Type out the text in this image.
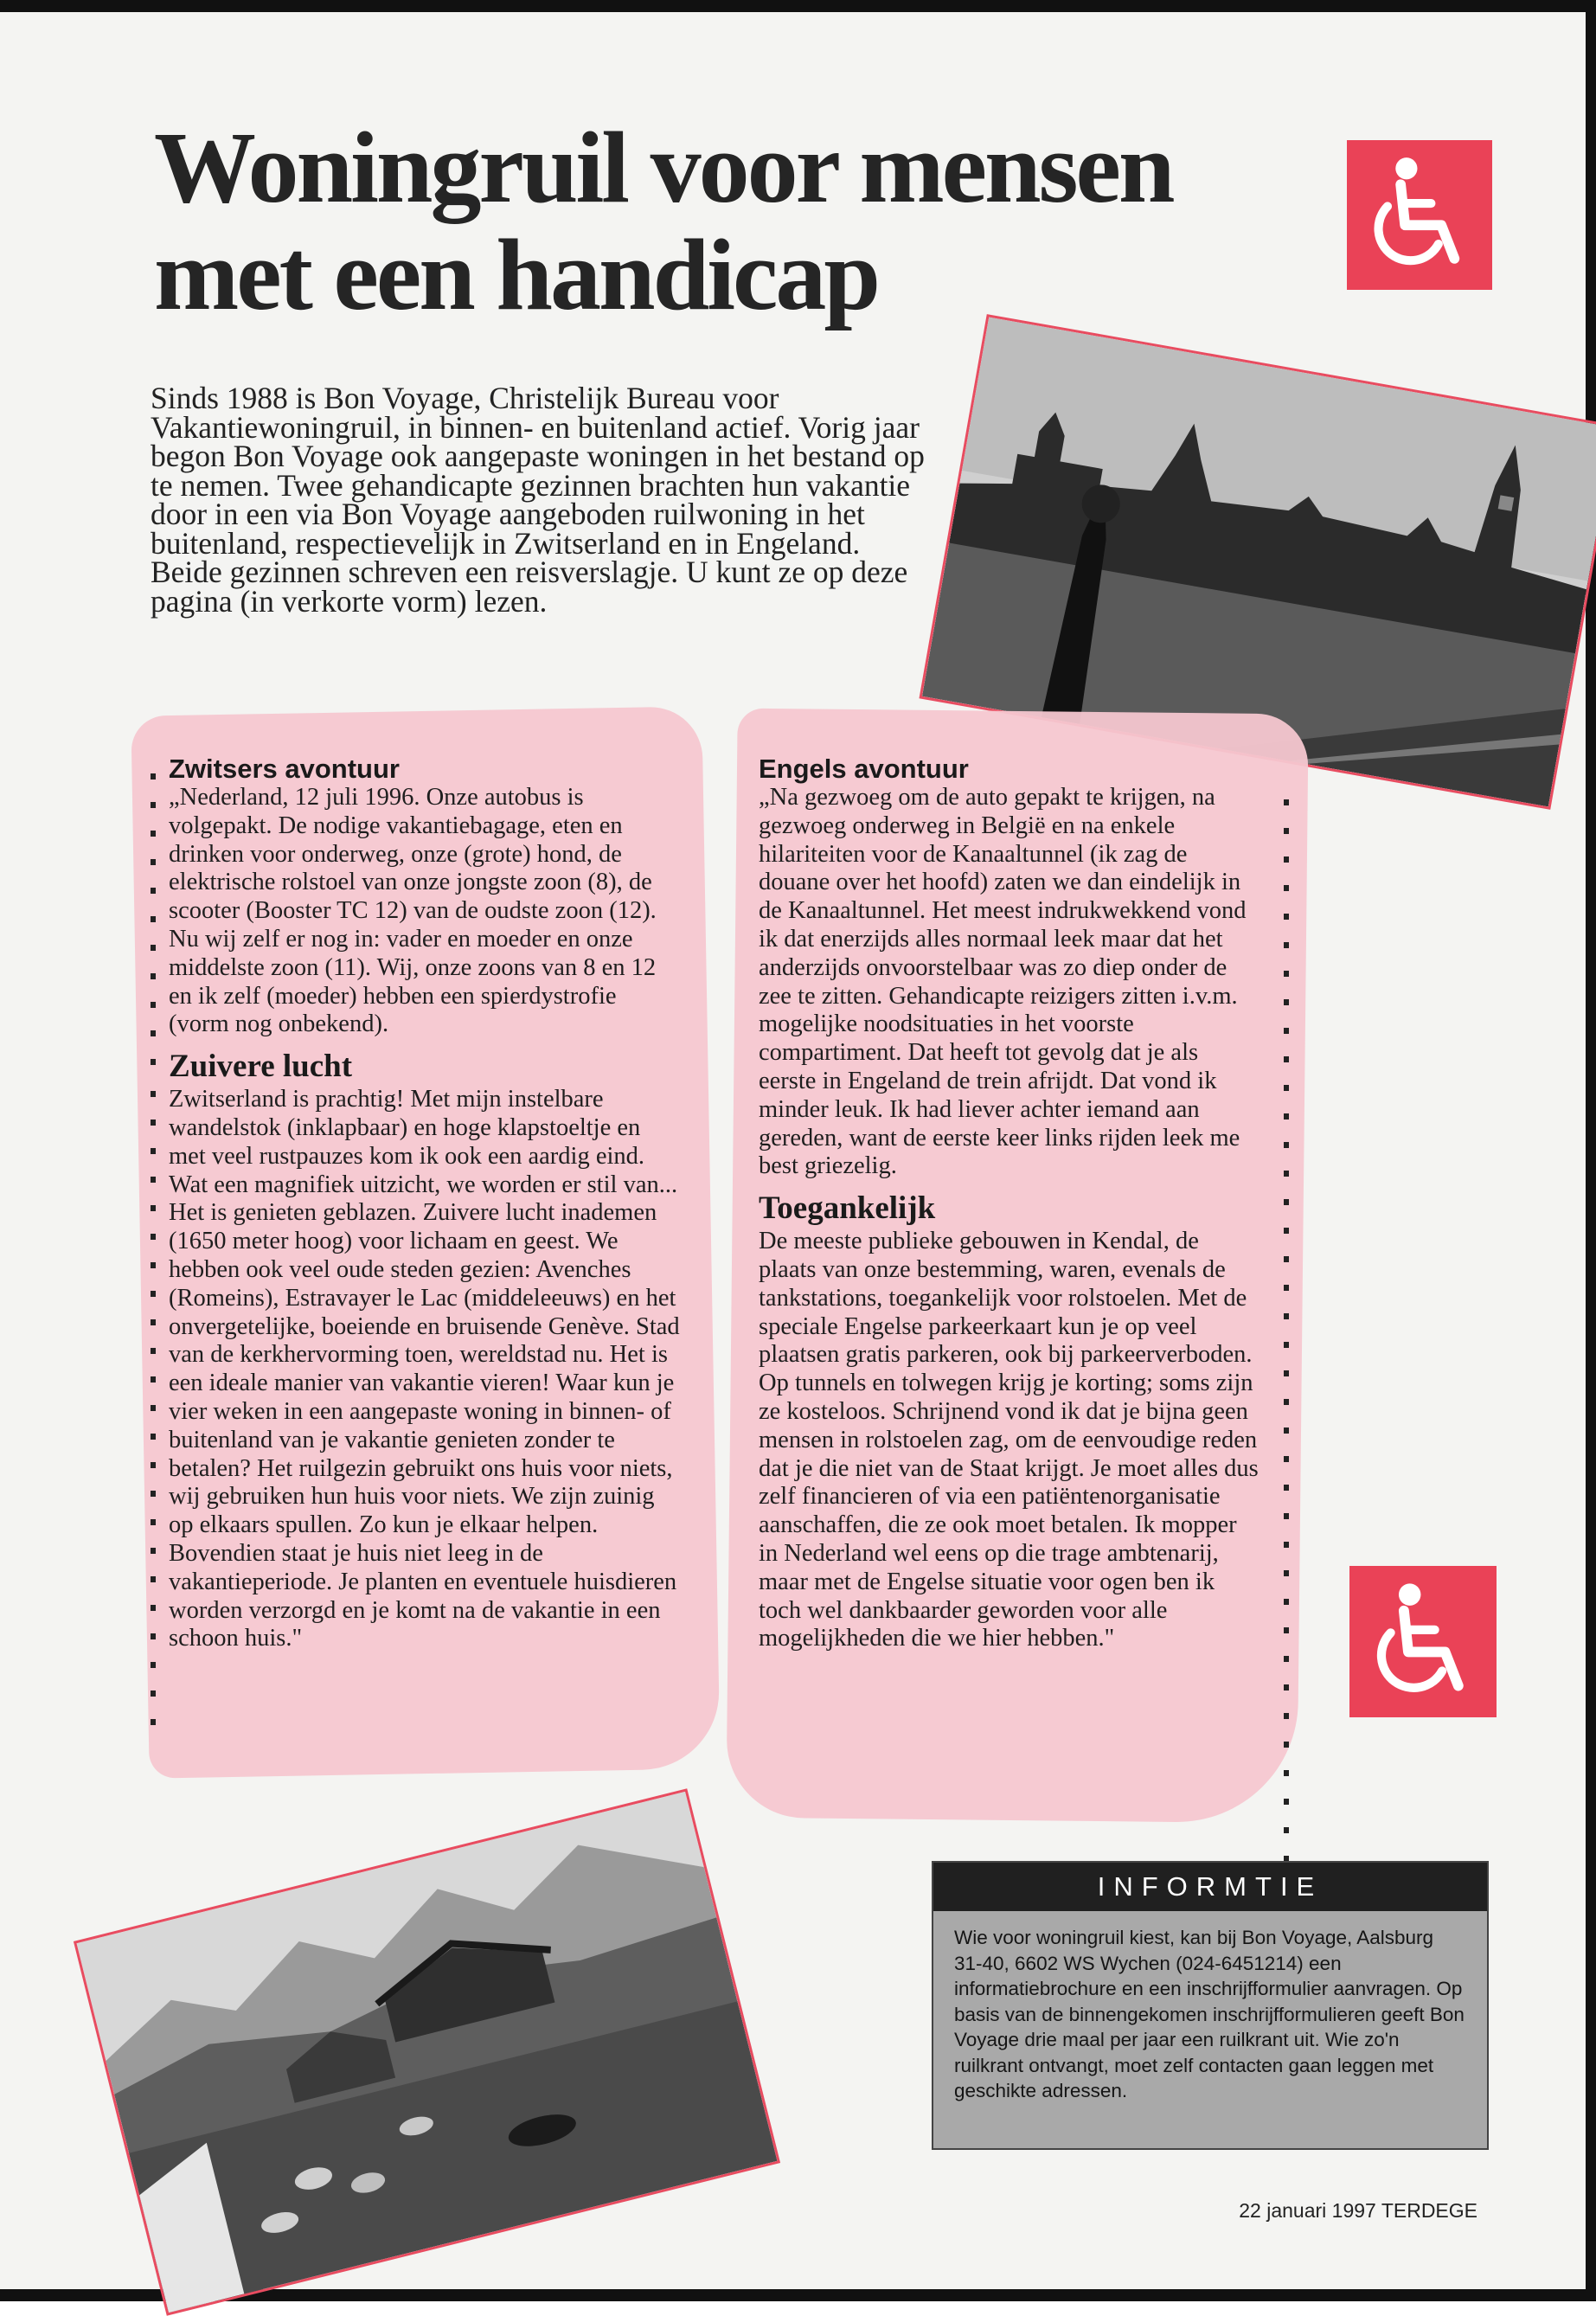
Woningruil voor mensen
met een handicap

Sinds 1988 is Bon Voyage, Christelijk Bureau voor Vakantiewoningruil, in binnen- en buitenland actief. Vorig jaar begon Bon Voyage ook aangepaste woningen in het bestand op te nemen. Twee gehandicapte gezinnen brachten hun vakantie door in een via Bon Voyage aangeboden ruilwoning in het buitenland, respectievelijk in Zwitserland en in Engeland. Beide gezinnen schreven een reisverslagje. U kunt ze op deze pagina (in verkorte vorm) lezen.

Zwitsers avontuur

„Nederland, 12 juli 1996. Onze autobus is volgepakt. De nodige vakantiebagage, eten en drinken voor onderweg, onze (grote) hond, de elektrische rolstoel van onze jongste zoon (8), de scooter (Booster TC 12) van de oudste zoon (12). Nu wij zelf er nog in: vader en moeder en onze middelste zoon (11). Wij, onze zoons van 8 en 12 en ik zelf (moeder) hebben een spierdystrofie (vorm nog onbekend).

Zuivere lucht

Zwitserland is prachtig! Met mijn instelbare wandelstok (inklapbaar) en hoge klapstoeltje en met veel rustpauzes kom ik ook een aardig eind. Wat een magnifiek uitzicht, we worden er stil van... Het is genieten geblazen. Zuivere lucht inademen (1650 meter hoog) voor lichaam en geest. We hebben ook veel oude steden gezien: Avenches (Romeins), Estravayer le Lac (middeleeuws) en het onvergetelijke, boeiende en bruisende Genève. Stad van de kerkhervorming toen, wereldstad nu. Het is een ideale manier van vakantie vieren! Waar kun je vier weken in een aangepaste woning in binnen- of buitenland van je vakantie genieten zonder te betalen? Het ruilgezin gebruikt ons huis voor niets, wij gebruiken hun huis voor niets. We zijn zuinig op elkaars spullen. Zo kun je elkaar helpen. Bovendien staat je huis niet leeg in de vakantieperiode. Je planten en eventuele huisdieren worden verzorgd en je komt na de vakantie in een schoon huis."

Engels avontuur

„Na gezwoeg om de auto gepakt te krijgen, na gezwoeg onderweg in België en na enkele hilariteiten voor de Kanaaltunnel (ik zag de douane over het hoofd) zaten we dan eindelijk in de Kanaaltunnel. Het meest indrukwekkend vond ik dat enerzijds alles normaal leek maar dat het anderzijds onvoorstelbaar was zo diep onder de zee te zitten. Gehandicapte reizigers zitten i.v.m. mogelijke noodsituaties in het voorste compartiment. Dat heeft tot gevolg dat je als eerste in Engeland de trein afrijdt. Dat vond ik minder leuk. Ik had liever achter iemand aan gereden, want de eerste keer links rijden leek me best griezelig.

Toegankelijk

De meeste publieke gebouwen in Kendal, de plaats van onze bestemming, waren, evenals de tankstations, toegankelijk voor rolstoelen. Met de speciale Engelse parkeerkaart kun je op veel plaatsen gratis parkeren, ook bij parkeerverboden. Op tunnels en tolwegen krijg je korting; soms zijn ze kosteloos. Schrijnend vond ik dat je bijna geen mensen in rolstoelen zag, om de eenvoudige reden dat je die niet van de Staat krijgt. Je moet alles dus zelf financieren of via een patiëntenorganisatie aanschaffen, die ze ook moet betalen. Ik mopper in Nederland wel eens op die trage ambtenarij, maar met de Engelse situatie voor ogen ben ik toch wel dankbaarder geworden voor alle mogelijkheden die we hier hebben."

INFORMTIE
Wie voor woningruil kiest, kan bij Bon Voyage, Aalsburg 31-40, 6602 WS Wychen (024-6451214) een informatiebrochure en een inschrijfformulier aanvragen. Op basis van de binnengekomen inschrijfformulieren geeft Bon Voyage drie maal per jaar een ruilkrant uit. Wie zo'n ruilkrant ontvangt, moet zelf contacten gaan leggen met geschikte adressen.
22 januari 1997 TERDEGE
